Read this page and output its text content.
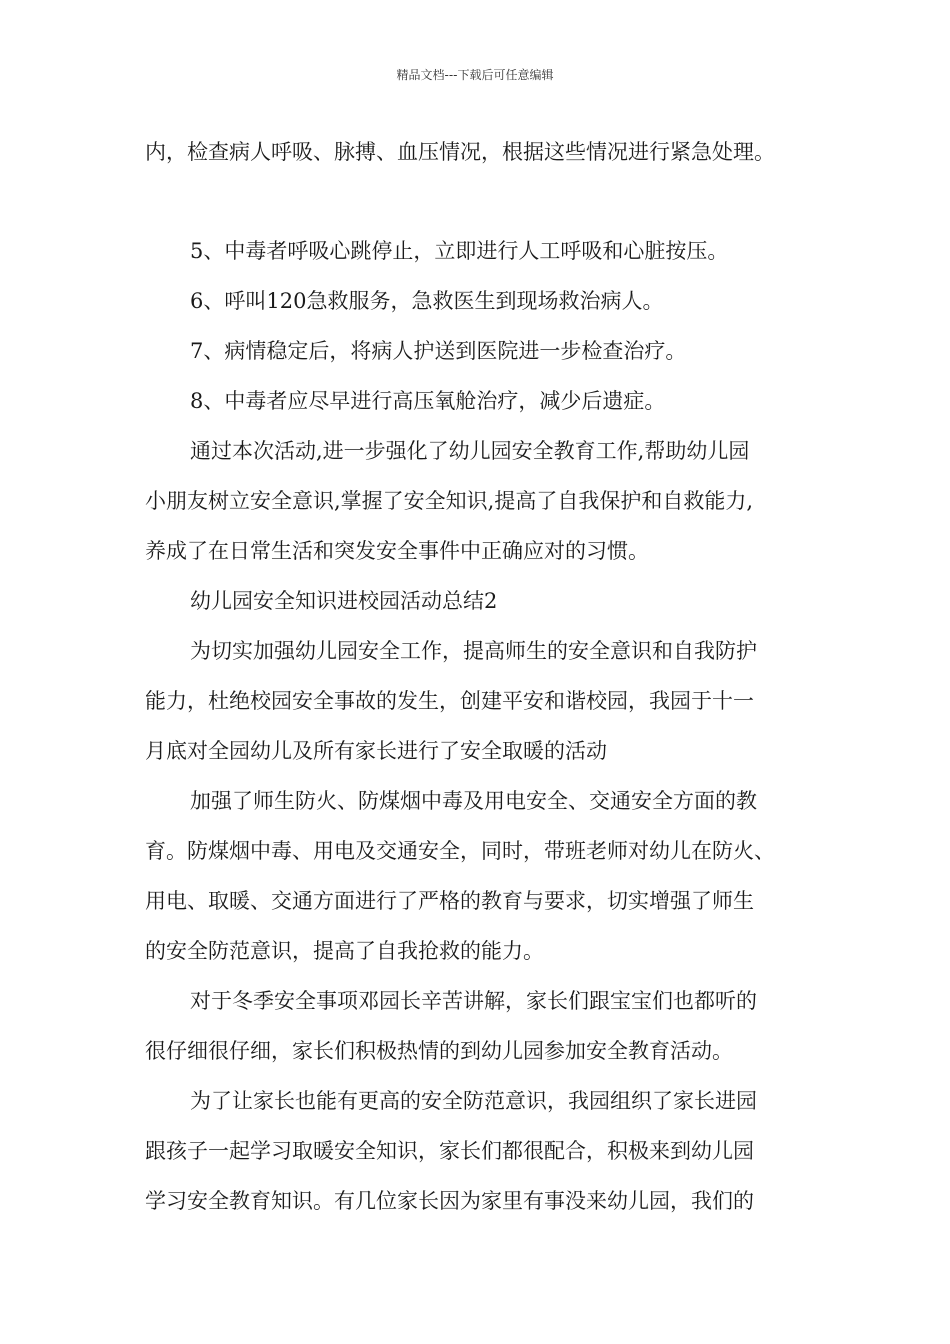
精品文档---下载后可任意编辑
内，检查病人呼吸、脉搏、血压情况，根据这些情况进行紧急处理。
5、中毒者呼吸心跳停止，立即进行人工呼吸和心脏按压。
6、呼叫120急救服务，急救医生到现场救治病人。
7、病情稳定后，将病人护送到医院进一步检查治疗。
8、中毒者应尽早进行高压氧舱治疗，减少后遗症。
通过本次活动,进一步强化了幼儿园安全教育工作,帮助幼儿园
小朋友树立安全意识,掌握了安全知识,提高了自我保护和自救能力,
养成了在日常生活和突发安全事件中正确应对的习惯。
幼儿园安全知识进校园活动总结2
为切实加强幼儿园安全工作，提高师生的安全意识和自我防护
能力，杜绝校园安全事故的发生，创建平安和谐校园，我园于十一
月底对全园幼儿及所有家长进行了安全取暖的活动
加强了师生防火、防煤烟中毒及用电安全、交通安全方面的教
育。防煤烟中毒、用电及交通安全，同时，带班老师对幼儿在防火、
用电、取暖、交通方面进行了严格的教育与要求，切实增强了师生
的安全防范意识，提高了自我抢救的能力。
对于冬季安全事项邓园长辛苦讲解，家长们跟宝宝们也都听的
很仔细很仔细，家长们积极热情的到幼儿园参加安全教育活动。
为了让家长也能有更高的安全防范意识，我园组织了家长进园
跟孩子一起学习取暖安全知识，家长们都很配合，积极来到幼儿园
学习安全教育知识。有几位家长因为家里有事没来幼儿园，我们的
